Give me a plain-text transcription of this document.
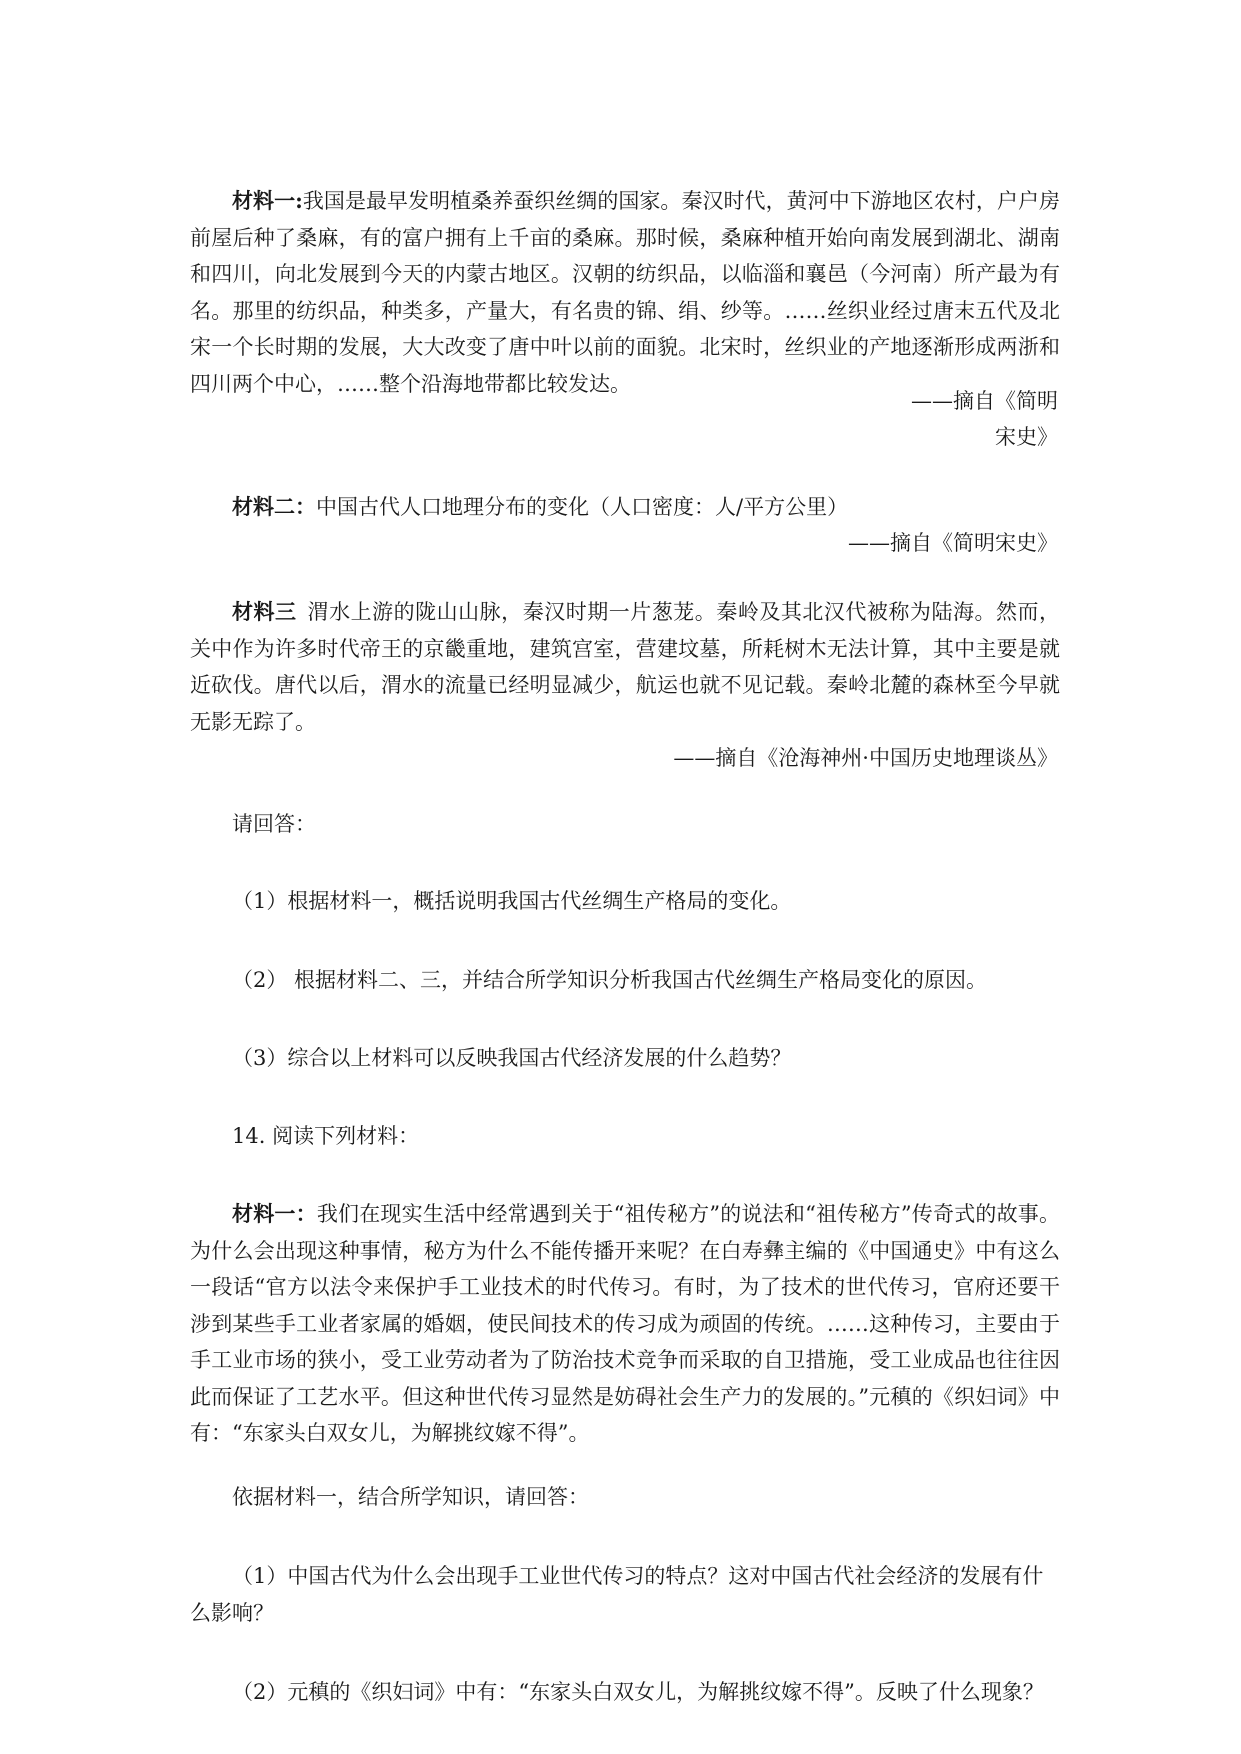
材料一:我国是最早发明植桑养蚕织丝绸的国家。秦汉时代，黄河中下游地区农村，户户房前屋后种了桑麻，有的富户拥有上千亩的桑麻。那时候，桑麻种植开始向南发展到湖北、湖南和四川，向北发展到今天的内蒙古地区。汉朝的纺织品，以临淄和襄邑（今河南）所产最为有名。那里的纺织品，种类多，产量大，有名贵的锦、绢、纱等。……丝织业经过唐末五代及北宋一个长时期的发展，大大改变了唐中叶以前的面貌。北宋时，丝织业的产地逐渐形成两浙和四川两个中心，……整个沿海地带都比较发达。

——摘自《简明

宋史》

材料二：中国古代人口地理分布的变化（人口密度：人/平方公里）

——摘自《简明宋史》

材料三  渭水上游的陇山山脉，秦汉时期一片葱茏。秦岭及其北汉代被称为陆海。然而，关中作为许多时代帝王的京畿重地，建筑宫室，营建坟墓，所耗树木无法计算，其中主要是就近砍伐。唐代以后，渭水的流量已经明显减少，航运也就不见记载。秦岭北麓的森林至今早就无影无踪了。

——摘自《沧海神州·中国历史地理谈丛》

请回答：

（1）根据材料一，概括说明我国古代丝绸生产格局的变化。

（2） 根据材料二、三，并结合所学知识分析我国古代丝绸生产格局变化的原因。

（3）综合以上材料可以反映我国古代经济发展的什么趋势？

14. 阅读下列材料：

材料一：我们在现实生活中经常遇到关于“祖传秘方”的说法和“祖传秘方”传奇式的故事。为什么会出现这种事情，秘方为什么不能传播开来呢？在白寿彝主编的《中国通史》中有这么一段话“官方以法令来保护手工业技术的时代传习。有时，为了技术的世代传习，官府还要干涉到某些手工业者家属的婚姻，使民间技术的传习成为顽固的传统。……这种传习，主要由于手工业市场的狭小，受工业劳动者为了防治技术竞争而采取的自卫措施，受工业成品也往往因此而保证了工艺水平。但这种世代传习显然是妨碍社会生产力的发展的。”元稹的《织妇词》中有：“东家头白双女儿，为解挑纹嫁不得”。

依据材料一，结合所学知识，请回答：

（1）中国古代为什么会出现手工业世代传习的特点？这对中国古代社会经济的发展有什么影响？

（2）元稹的《织妇词》中有：“东家头白双女儿，为解挑纹嫁不得”。反映了什么现象？
